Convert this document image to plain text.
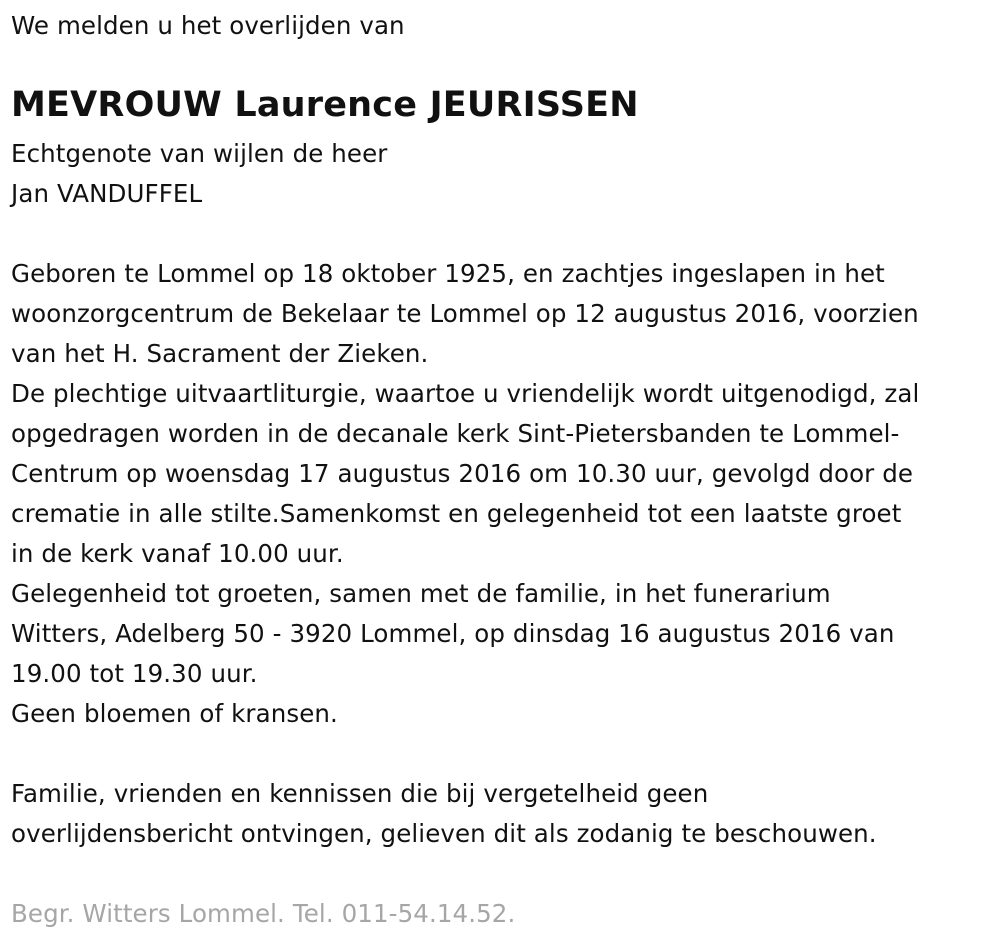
We melden u het overlijden van
MEVROUW Laurence JEURISSEN
Echtgenote van wijlen de heer
Jan VANDUFFEL
Geboren te Lommel op 18 oktober 1925, en zachtjes ingeslapen in het
woonzorgcentrum de Bekelaar te Lommel op 12 augustus 2016, voorzien
van het H. Sacrament der Zieken.
De plechtige uitvaartliturgie, waartoe u vriendelijk wordt uitgenodigd, zal
opgedragen worden in de decanale kerk Sint-Pietersbanden te Lommel-
Centrum op woensdag 17 augustus 2016 om 10.30 uur, gevolgd door de
crematie in alle stilte.Samenkomst en gelegenheid tot een laatste groet
in de kerk vanaf 10.00 uur.
Gelegenheid tot groeten, samen met de familie, in het funerarium
Witters, Adelberg 50 - 3920 Lommel, op dinsdag 16 augustus 2016 van
19.00 tot 19.30 uur.
Geen bloemen of kransen.
Familie, vrienden en kennissen die bij vergetelheid geen
overlijdensbericht ontvingen, gelieven dit als zodanig te beschouwen.
Begr. Witters Lommel. Tel. 011-54.14.52.
